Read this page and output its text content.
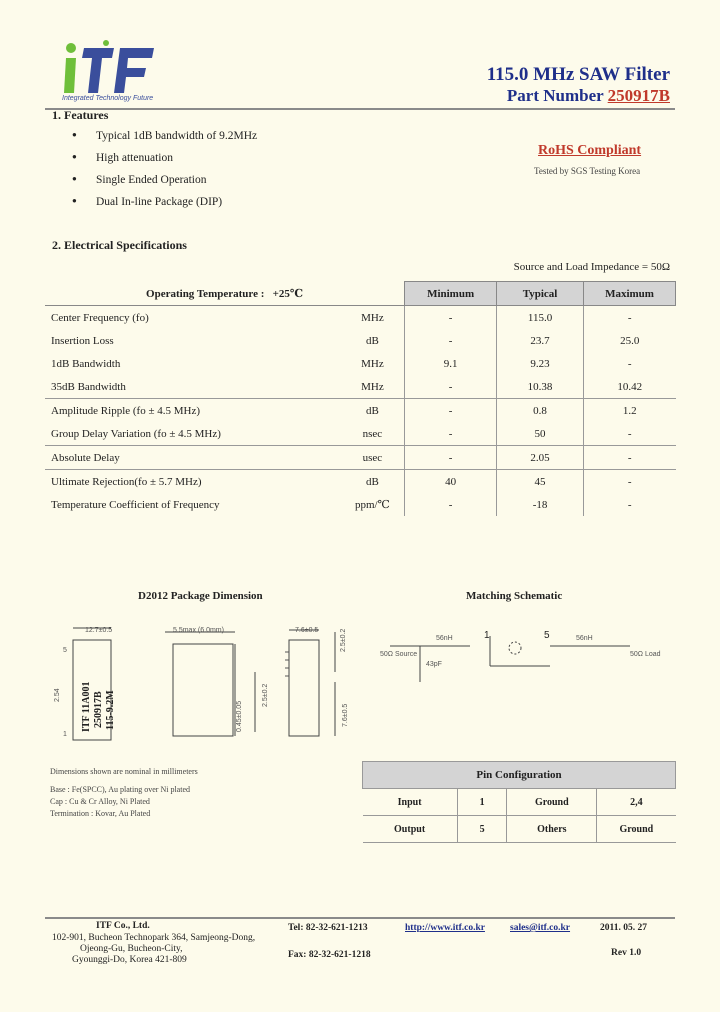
Integrated Technology Future
115.0 MHz SAW Filter
Part Number 250917B
1. Features
● Typical 1dB bandwidth of 9.2MHz
● High attenuation
● Single Ended Operation
● Dual In-line Package (DIP)
RoHS Compliant
Tested by SGS Testing Korea
2. Electrical Specifications
Source and Load Impedance = 50Ω
Operating Temperature : +25℃		Minimum	Typical	Maximum
Center Frequency (fo)	MHz	-	115.0	-
Insertion Loss	dB	-	23.7	25.0
1dB Bandwidth	MHz	9.1	9.23	-
35dB Bandwidth	MHz	-	10.38	10.42
Amplitude Ripple (fo ± 4.5 MHz)	dB	-	0.8	1.2
Group Delay Variation (fo ± 4.5 MHz)	nsec	-	50	-
Absolute Delay	usec	-	2.05	-
Ultimate Rejection(fo ± 5.7 MHz)	dB	40	45	-
Temperature Coefficient of Frequency	ppm/℃	-	-18	-
D2012 Package Dimension
12.7±0.5	5.5max (6.0mm)	7.6±0.5	2.5±0.2
0.45±0.05
2.5±0.2
7.6±0.5
2.54 ITF 11A001 250917B 115-9.2M
5
1
Dimensions shown are nominal in millimeters
Base : Fe(SPCC), Au plating over Ni plated
Cap : Cu & Cr Alloy, Ni Plated
Termination : Kovar, Au Plated
Matching Schematic
1	5
56nH
43pF
56nH
50Ω Source	50Ω Load
Pin Configuration			
Input	1	Ground	2,4
Output	5	Others	Ground
ITF Co., Ltd.
102-901, Bucheon Technopark 364, Samjeong-Dong,
Ojeong-Gu, Bucheon-City,
Gyounggi-Do, Korea 421-809
Tel: 82-32-621-1213
Fax: 82-32-621-1218
http://www.itf.co.kr	sales@itf.co.kr	2011. 05. 27
Rev 1.0
